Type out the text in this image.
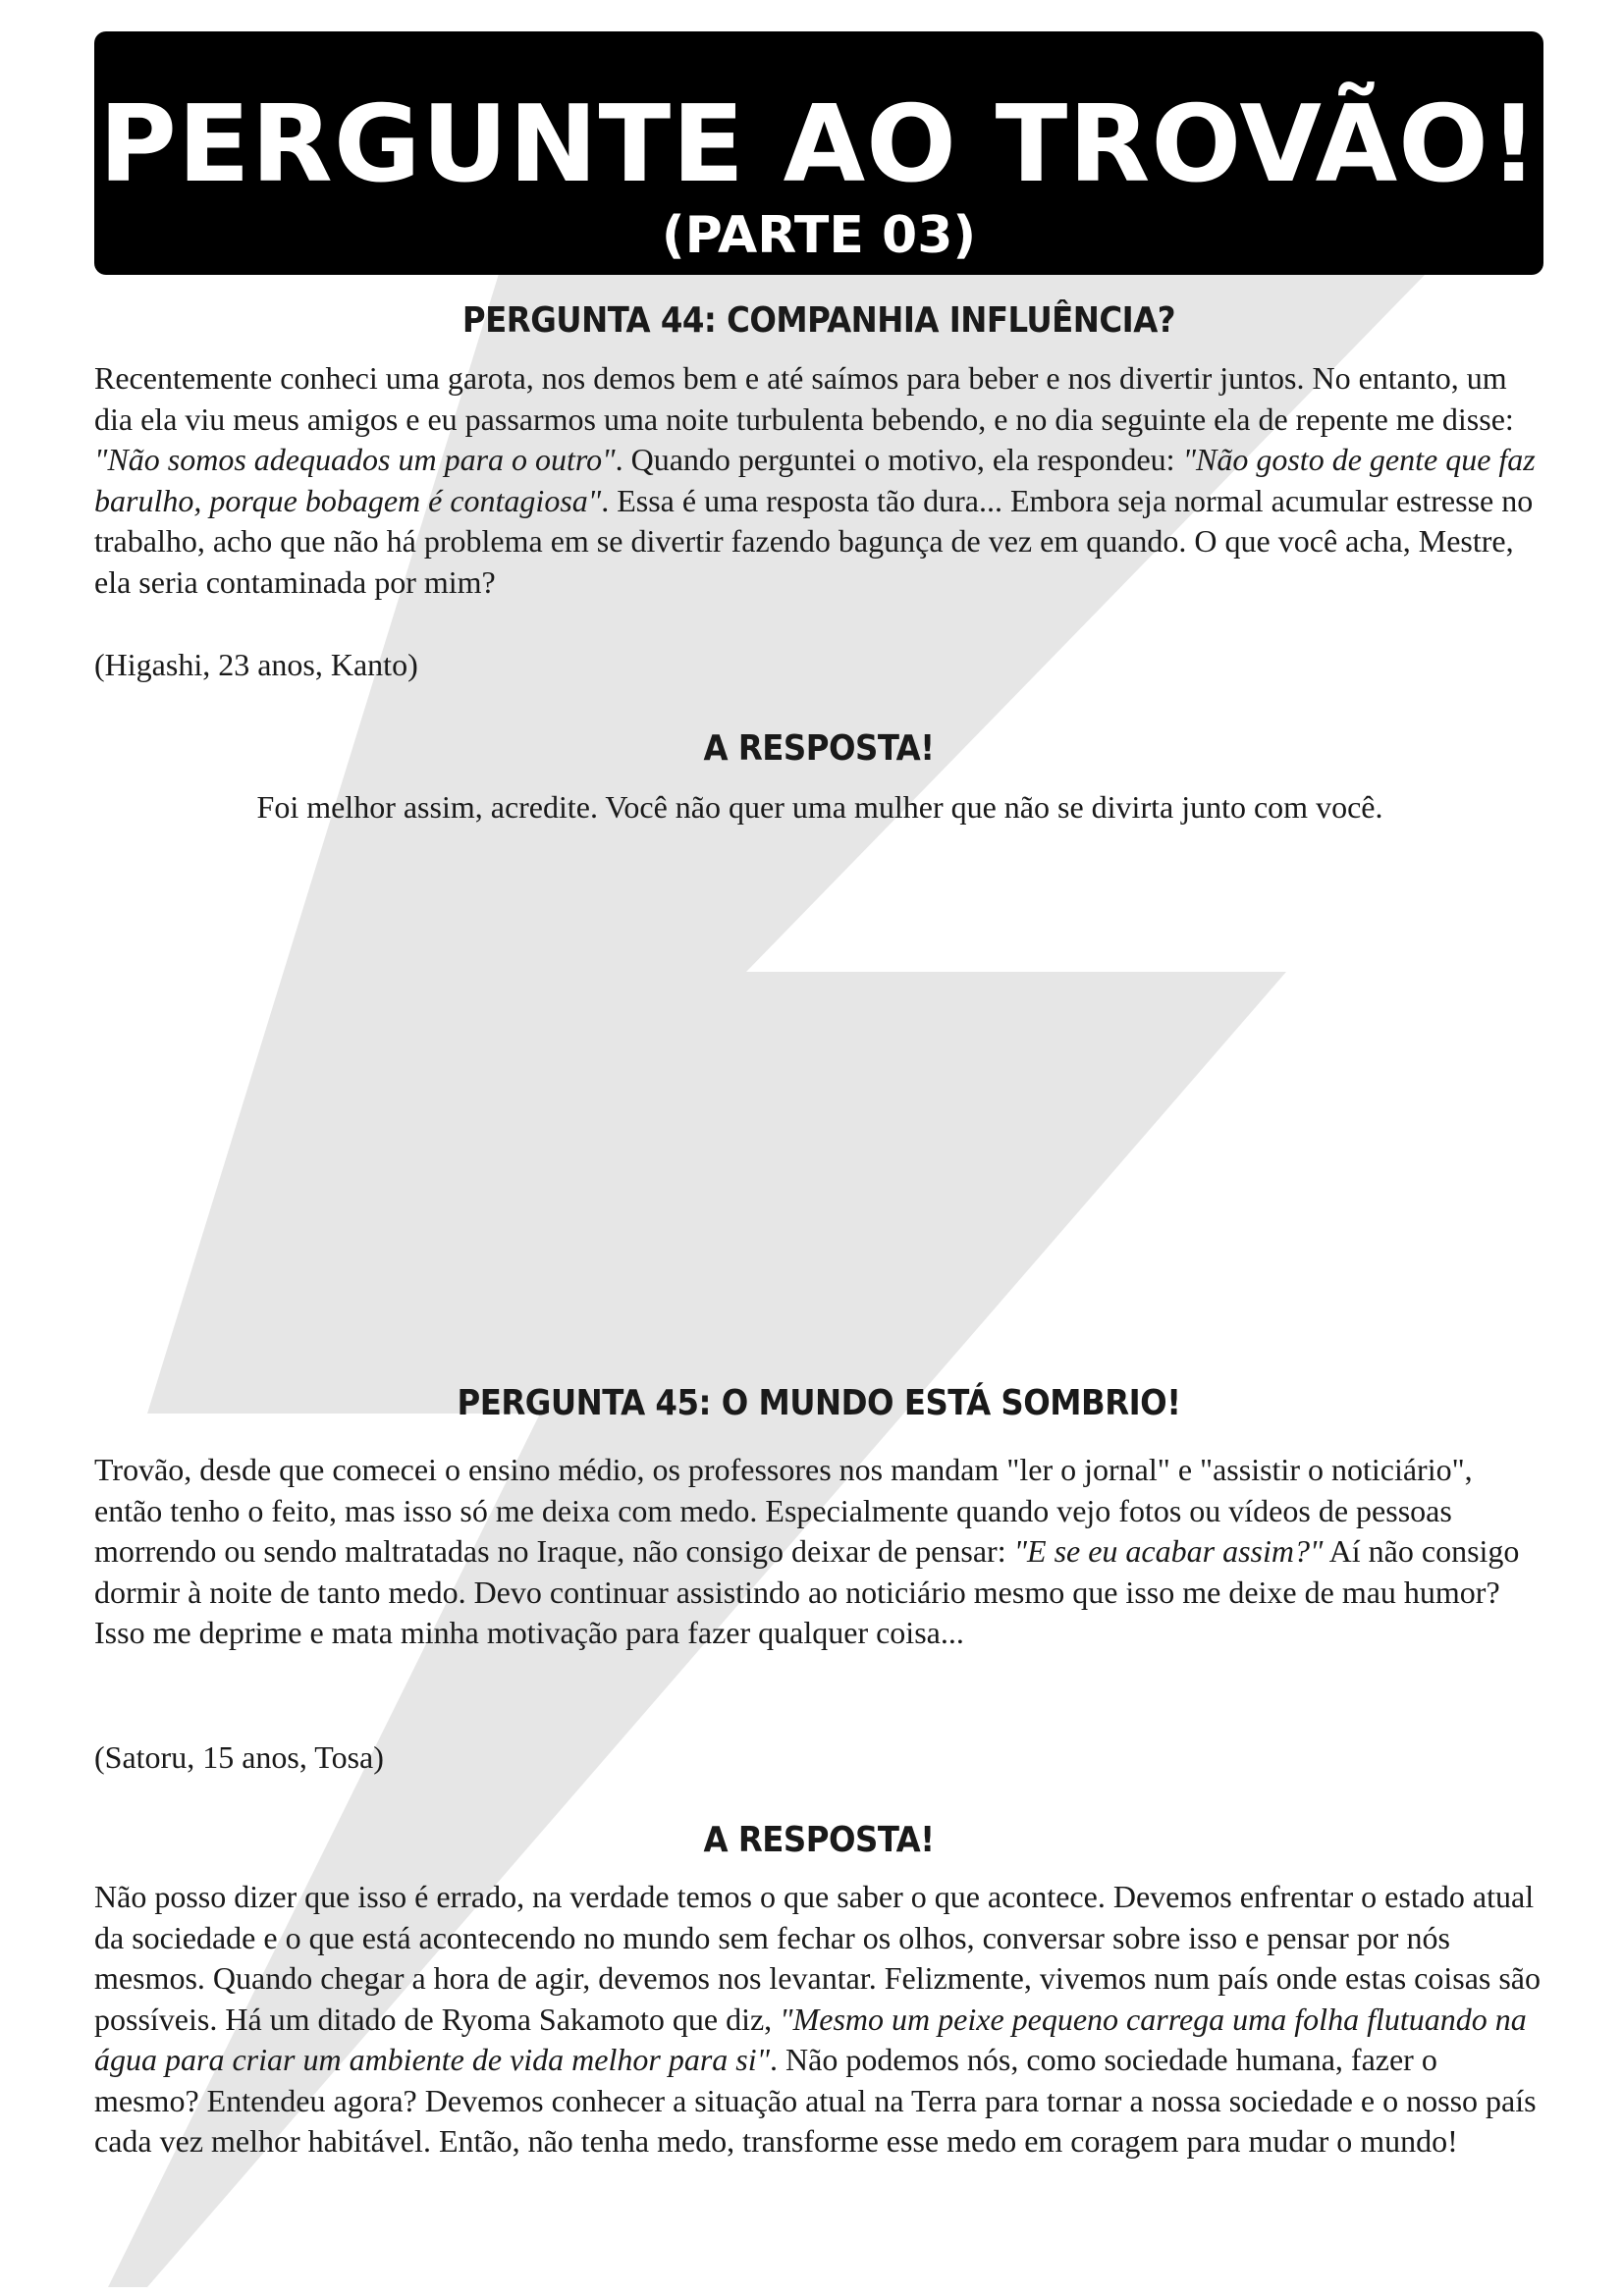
PERGUNTE AO TROVÃO!
(PARTE 03)
PERGUNTA 44: COMPANHIA INFLUÊNCIA?
Recentemente conheci uma garota, nos demos bem e até saímos para beber e nos divertir juntos. No entanto, um dia ela viu meus amigos e eu passarmos uma noite turbulenta bebendo, e no dia seguinte ela de repente me disse: "Não somos adequados um para o outro". Quando perguntei o motivo, ela respondeu: "Não gosto de gente que faz barulho, porque bobagem é contagiosa". Essa é uma resposta tão dura... Embora seja normal acumular estresse no trabalho, acho que não há problema em se divertir fazendo bagunça de vez em quando. O que você acha, Mestre, ela seria contaminada por mim?
(Higashi, 23 anos, Kanto)
A RESPOSTA!
Foi melhor assim, acredite. Você não quer uma mulher que não se divirta junto com você.
PERGUNTA 45: O MUNDO ESTÁ SOMBRIO!
Trovão, desde que comecei o ensino médio, os professores nos mandam "ler o jornal" e "assistir o noticiário", então tenho o feito, mas isso só me deixa com medo. Especialmente quando vejo fotos ou vídeos de pessoas morrendo ou sendo maltratadas no Iraque, não consigo deixar de pensar: "E se eu acabar assim?" Aí não consigo dormir à noite de tanto medo. Devo continuar assistindo ao noticiário mesmo que isso me deixe de mau humor? Isso me deprime e mata minha motivação para fazer qualquer coisa...
(Satoru, 15 anos, Tosa)
A RESPOSTA!
Não posso dizer que isso é errado, na verdade temos o que saber o que acontece. Devemos enfrentar o estado atual da sociedade e o que está acontecendo no mundo sem fechar os olhos, conversar sobre isso e pensar por nós mesmos. Quando chegar a hora de agir, devemos nos levantar. Felizmente, vivemos num país onde estas coisas são possíveis. Há um ditado de Ryoma Sakamoto que diz, "Mesmo um peixe pequeno carrega uma folha flutuando na água para criar um ambiente de vida melhor para si". Não podemos nós, como sociedade humana, fazer o mesmo? Entendeu agora? Devemos conhecer a situação atual na Terra para tornar a nossa sociedade e o nosso país cada vez melhor habitável. Então, não tenha medo, transforme esse medo em coragem para mudar o mundo!
